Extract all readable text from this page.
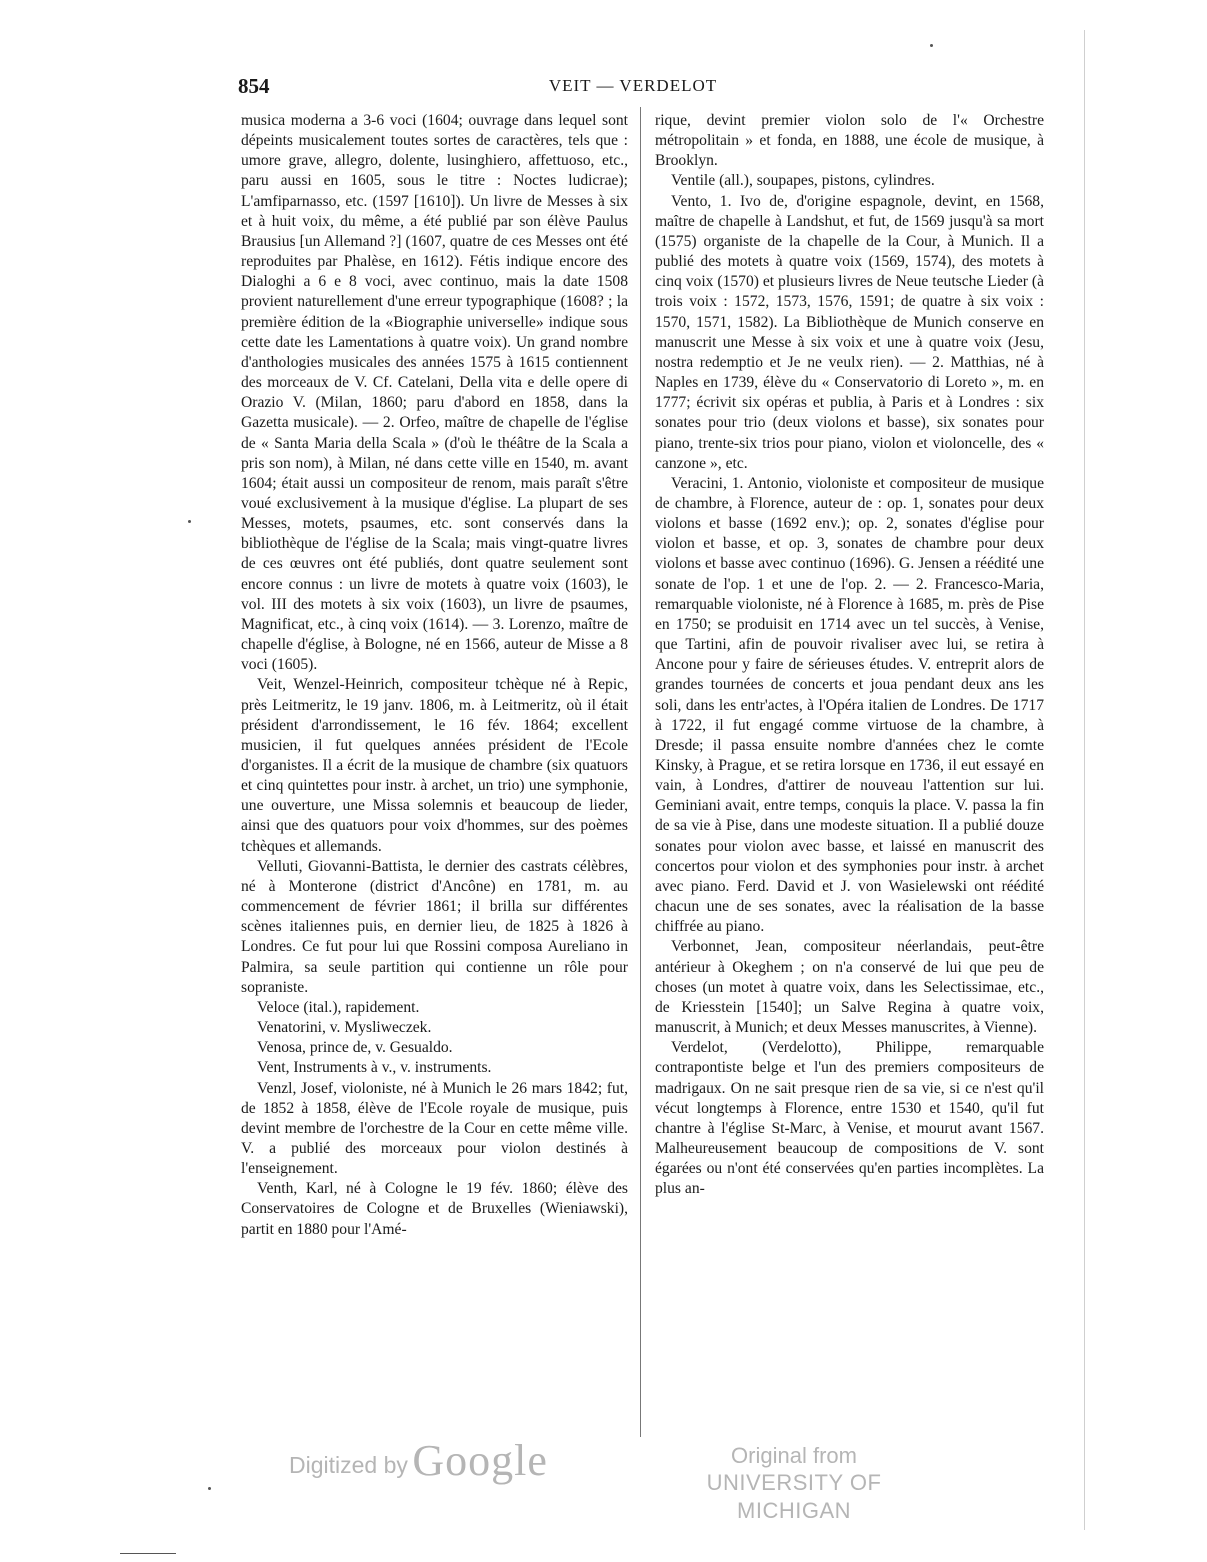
854	VEIT — VERDELOT

musica moderna a 3-6 voci (1604; ouvrage dans lequel sont dépeints musicalement toutes sortes de caractères, tels que : umore grave, allegro, dolente, lusinghiero, affettuoso, etc., paru aussi en 1605, sous le titre : Noctes ludicrae); L'amfiparnasso, etc. (1597 [1610]). Un livre de Messes à six et à huit voix, du même, a été publié par son élève Paulus Brausius [un Allemand ?] (1607, quatre de ces Messes ont été reproduites par Phalèse, en 1612). Fétis indique encore des Dialoghi a 6 e 8 voci, avec continuo, mais la date 1508 provient naturellement d'une erreur typographique (1608? ; la première édition de la «Biographie universelle» indique sous cette date les Lamentations à quatre voix). Un grand nombre d'anthologies musicales des années 1575 à 1615 contiennent des morceaux de V. Cf. Catelani, Della vita e delle opere di Orazio V. (Milan, 1860; paru d'abord en 1858, dans la Gazetta musicale). — 2. Orfeo, maître de chapelle de l'église de « Santa Maria della Scala » (d'où le théâtre de la Scala a pris son nom), à Milan, né dans cette ville en 1540, m. avant 1604; était aussi un compositeur de renom, mais paraît s'être voué exclusivement à la musique d'église. La plupart de ses Messes, motets, psaumes, etc. sont conservés dans la bibliothèque de l'église de la Scala; mais vingt-quatre livres de ces œuvres ont été publiés, dont quatre seulement sont encore connus : un livre de motets à quatre voix (1603), le vol. III des motets à six voix (1603), un livre de psaumes, Magnificat, etc., à cinq voix (1614). — 3. Lorenzo, maître de chapelle d'église, à Bologne, né en 1566, auteur de Misse a 8 voci (1605).

Veit, Wenzel-Heinrich, compositeur tchèque né à Repic, près Leitmeritz, le 19 janv. 1806, m. à Leitmeritz, où il était président d'arrondissement, le 16 fév. 1864; excellent musicien, il fut quelques années président de l'Ecole d'organistes. Il a écrit de la musique de chambre (six quatuors et cinq quintettes pour instr. à archet, un trio) une symphonie, une ouverture, une Missa solemnis et beaucoup de lieder, ainsi que des quatuors pour voix d'hommes, sur des poèmes tchèques et allemands.

Velluti, Giovanni-Battista, le dernier des castrats célèbres, né à Monterone (district d'Ancône) en 1781, m. au commencement de février 1861; il brilla sur différentes scènes italiennes puis, en dernier lieu, de 1825 à 1826 à Londres. Ce fut pour lui que Rossini composa Aureliano in Palmira, sa seule partition qui contienne un rôle pour sopraniste.

Veloce (ital.), rapidement.

Venatorini, v. Mysliweczek.

Venosa, prince de, v. Gesualdo.

Vent, Instruments à v., v. instruments.

Venzl, Josef, violoniste, né à Munich le 26 mars 1842; fut, de 1852 à 1858, élève de l'Ecole royale de musique, puis devint membre de l'orchestre de la Cour en cette même ville. V. a publié des morceaux pour violon destinés à l'enseignement.

Venth, Karl, né à Cologne le 19 fév. 1860; élève des Conservatoires de Cologne et de Bruxelles (Wieniawski), partit en 1880 pour l'Amé-

rique, devint premier violon solo de l'« Orchestre métropolitain » et fonda, en 1888, une école de musique, à Brooklyn.

Ventile (all.), soupapes, pistons, cylindres.

Vento, 1. Ivo de, d'origine espagnole, devint, en 1568, maître de chapelle à Landshut, et fut, de 1569 jusqu'à sa mort (1575) organiste de la chapelle de la Cour, à Munich. Il a publié des motets à quatre voix (1569, 1574), des motets à cinq voix (1570) et plusieurs livres de Neue teutsche Lieder (à trois voix : 1572, 1573, 1576, 1591; de quatre à six voix : 1570, 1571, 1582). La Bibliothèque de Munich conserve en manuscrit une Messe à six voix et une à quatre voix (Jesu, nostra redemptio et Je ne veulx rien). — 2. Matthias, né à Naples en 1739, élève du « Conservatorio di Loreto », m. en 1777; écrivit six opéras et publia, à Paris et à Londres : six sonates pour trio (deux violons et basse), six sonates pour piano, trente-six trios pour piano, violon et violoncelle, des « canzone », etc.

Veracini, 1. Antonio, violoniste et compositeur de musique de chambre, à Florence, auteur de : op. 1, sonates pour deux violons et basse (1692 env.); op. 2, sonates d'église pour violon et basse, et op. 3, sonates de chambre pour deux violons et basse avec continuo (1696). G. Jensen a réédité une sonate de l'op. 1 et une de l'op. 2. — 2. Francesco-Maria, remarquable violoniste, né à Florence à 1685, m. près de Pise en 1750; se produisit en 1714 avec un tel succès, à Venise, que Tartini, afin de pouvoir rivaliser avec lui, se retira à Ancone pour y faire de sérieuses études. V. entreprit alors de grandes tournées de concerts et joua pendant deux ans les soli, dans les entr'actes, à l'Opéra italien de Londres. De 1717 à 1722, il fut engagé comme virtuose de la chambre, à Dresde; il passa ensuite nombre d'années chez le comte Kinsky, à Prague, et se retira lorsque en 1736, il eut essayé en vain, à Londres, d'attirer de nouveau l'attention sur lui. Geminiani avait, entre temps, conquis la place. V. passa la fin de sa vie à Pise, dans une modeste situation. Il a publié douze sonates pour violon avec basse, et laissé en manuscrit des concertos pour violon et des symphonies pour instr. à archet avec piano. Ferd. David et J. von Wasielewski ont réédité chacun une de ses sonates, avec la réalisation de la basse chiffrée au piano.

Verbonnet, Jean, compositeur néerlandais, peut-être antérieur à Okeghem ; on n'a conservé de lui que peu de choses (un motet à quatre voix, dans les Selectissimae, etc., de Kriesstein [1540]; un Salve Regina à quatre voix, manuscrit, à Munich; et deux Messes manuscrites, à Vienne).

Verdelot, (Verdelotto), Philippe, remarquable contrapontiste belge et l'un des premiers compositeurs de madrigaux. On ne sait presque rien de sa vie, si ce n'est qu'il vécut longtemps à Florence, entre 1530 et 1540, qu'il fut chantre à l'église St-Marc, à Venise, et mourut avant 1567. Malheureusement beaucoup de compositions de V. sont égarées ou n'ont été conservées qu'en parties incomplètes. La plus an-

Digitized by Google	Original from
UNIVERSITY OF MICHIGAN
